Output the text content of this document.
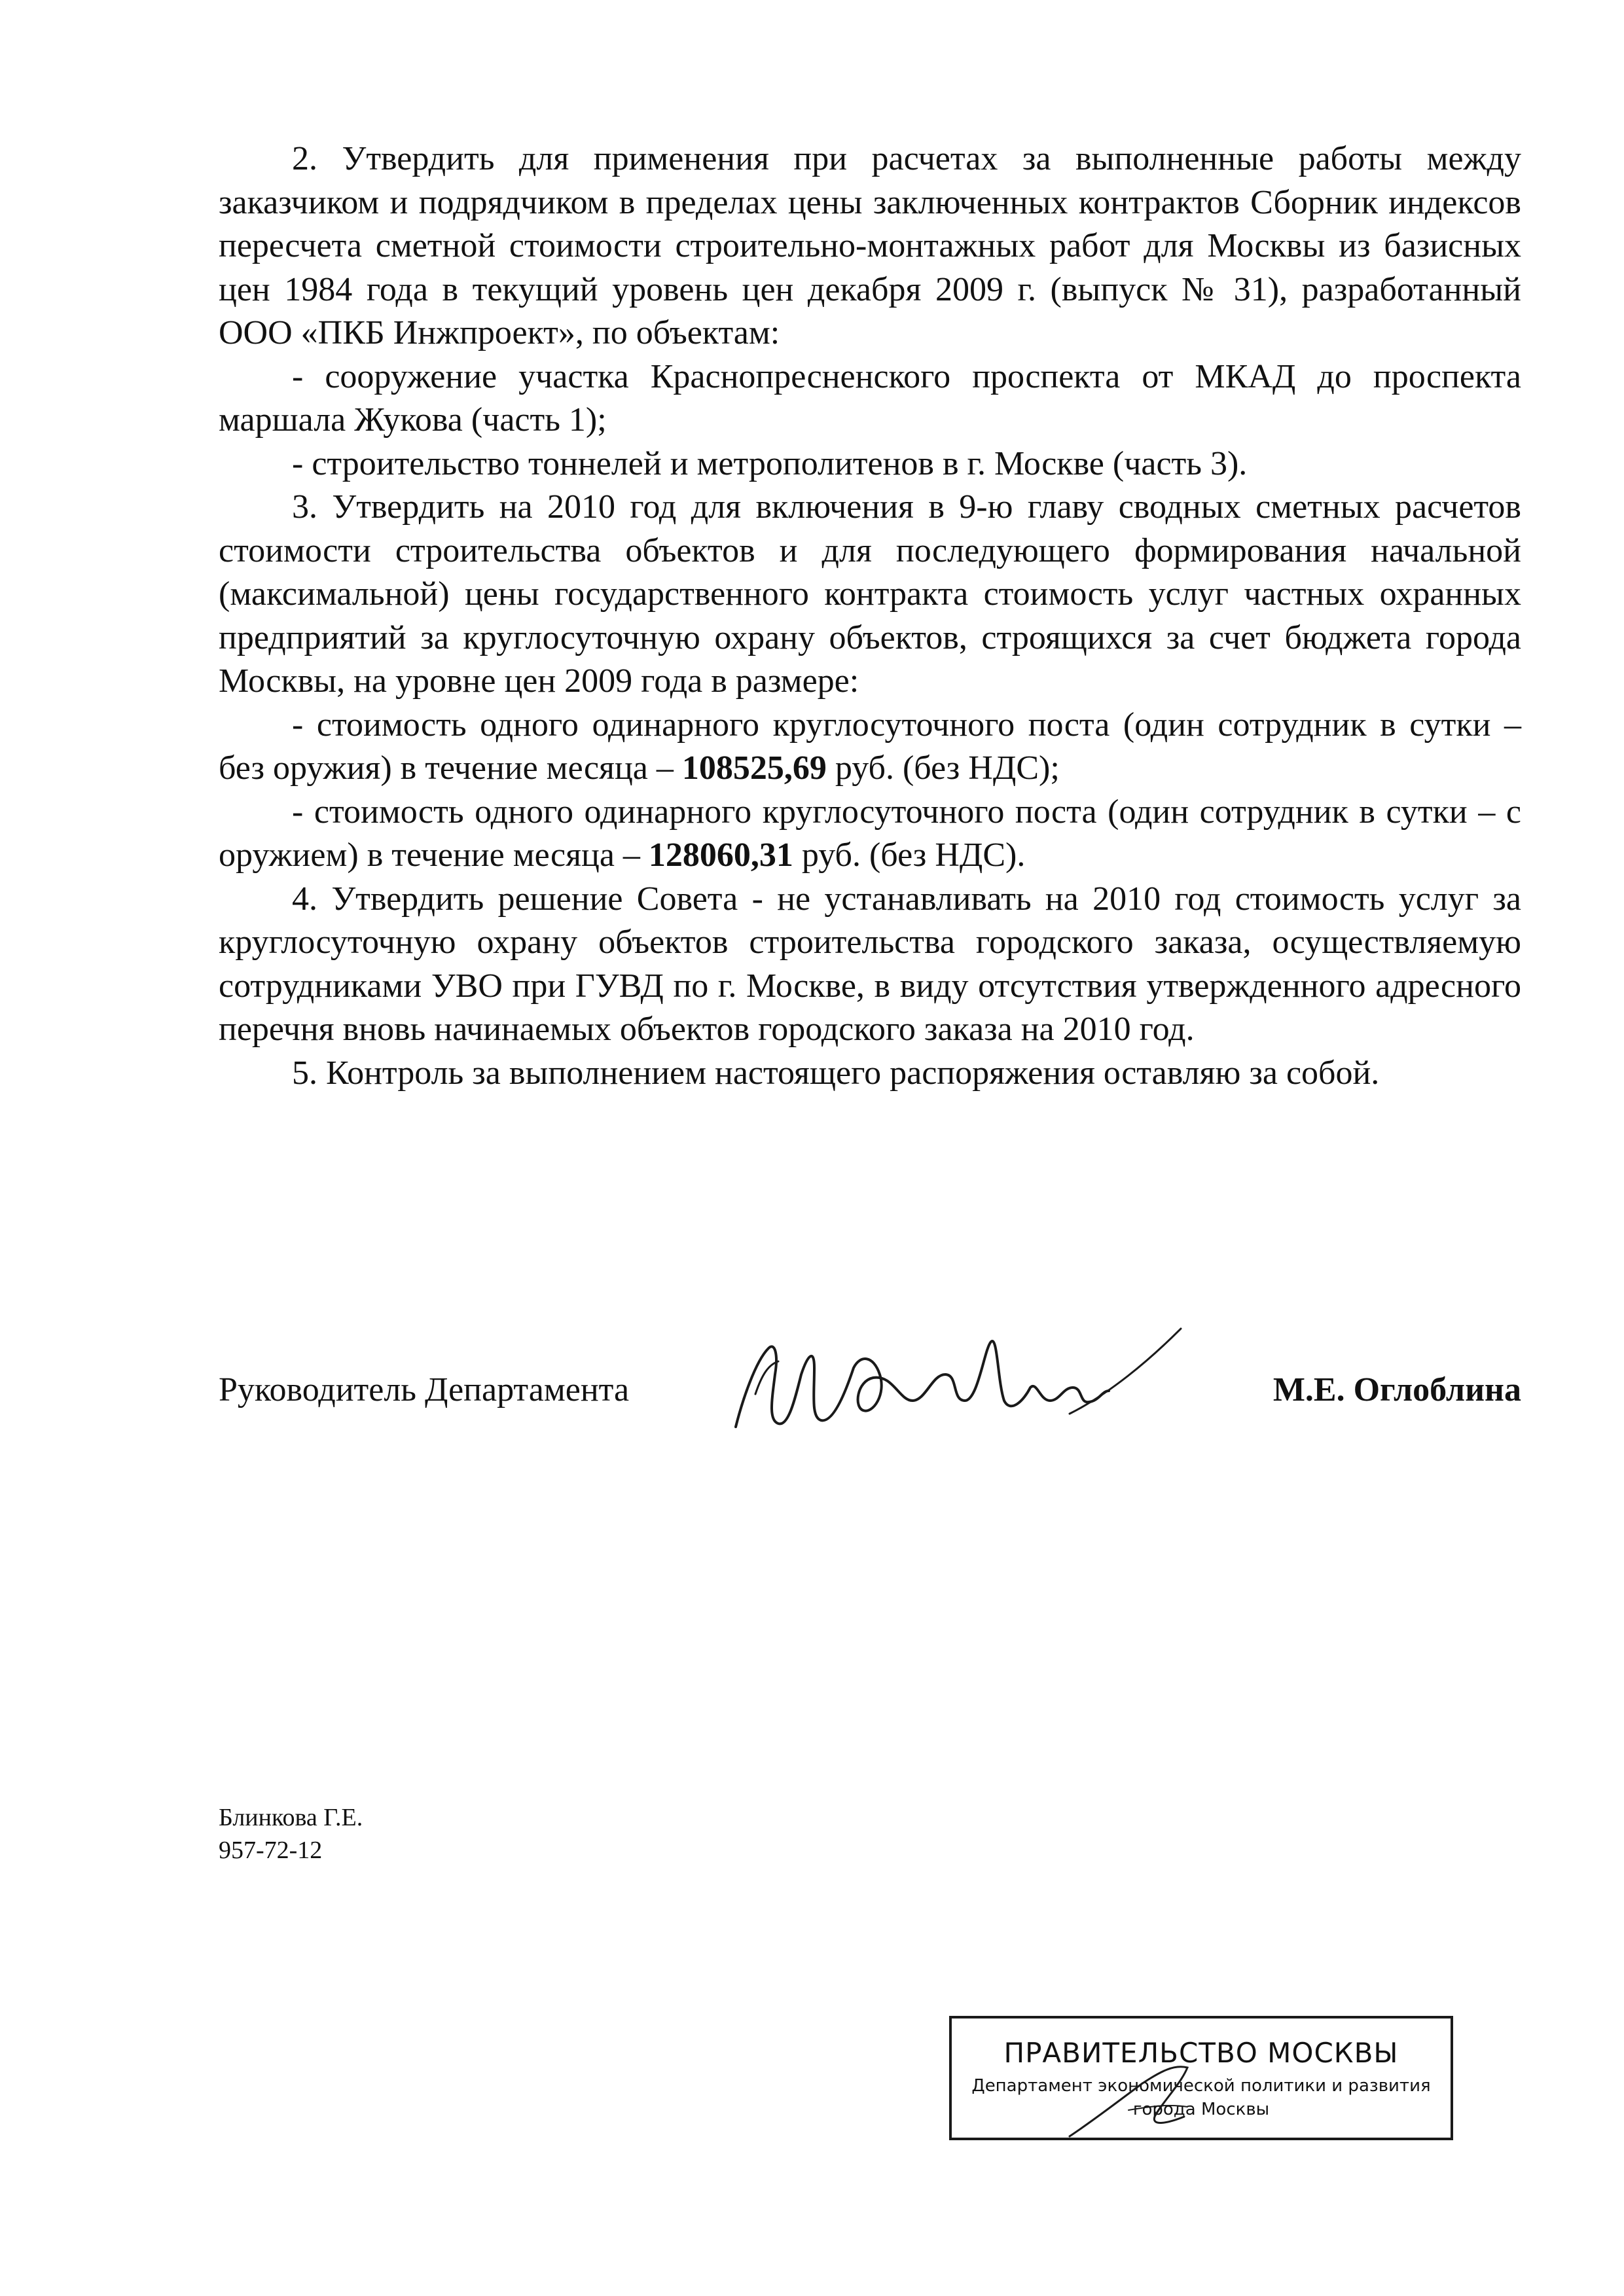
2. Утвердить для применения при расчетах за выполненные работы между заказчиком и подрядчиком в пределах цены заключенных контрактов Сборник индексов пересчета сметной стоимости строительно-монтажных работ для Москвы из базисных цен 1984 года в текущий уровень цен декабря 2009 г. (выпуск № 31), разработанный ООО «ПКБ Инжпроект», по объектам:

- сооружение участка Краснопресненского проспекта от МКАД до проспекта маршала Жукова (часть 1);

- строительство тоннелей и метрополитенов в г. Москве (часть 3).

3. Утвердить на 2010 год для включения в 9-ю главу сводных сметных расчетов стоимости строительства объектов и для последующего формирования начальной (максимальной) цены государственного контракта стоимость услуг частных охранных предприятий за круглосуточную охрану объектов, строящихся за счет бюджета города Москвы, на уровне цен 2009 года в размере:

- стоимость одного одинарного круглосуточного поста (один сотрудник в сутки – без оружия) в течение месяца – 108525,69 руб. (без НДС);

- стоимость одного одинарного круглосуточного поста (один сотрудник в сутки – с оружием) в течение месяца – 128060,31 руб. (без НДС).

4. Утвердить решение Совета - не устанавливать на 2010 год стоимость услуг за круглосуточную охрану объектов строительства городского заказа, осуществляемую сотрудниками УВО при ГУВД по г. Москве, в виду отсутствия утвержденного адресного перечня вновь начинаемых объектов городского заказа на 2010 год.

5. Контроль за выполнением настоящего распоряжения оставляю за собой.

Руководитель Департамента	М.Е. Оглоблина
Блинкова Г.Е.
957-72-12
ПРАВИТЕЛЬСТВО МОСКВЫ
Департамент экономической политики и развития
города Москвы
